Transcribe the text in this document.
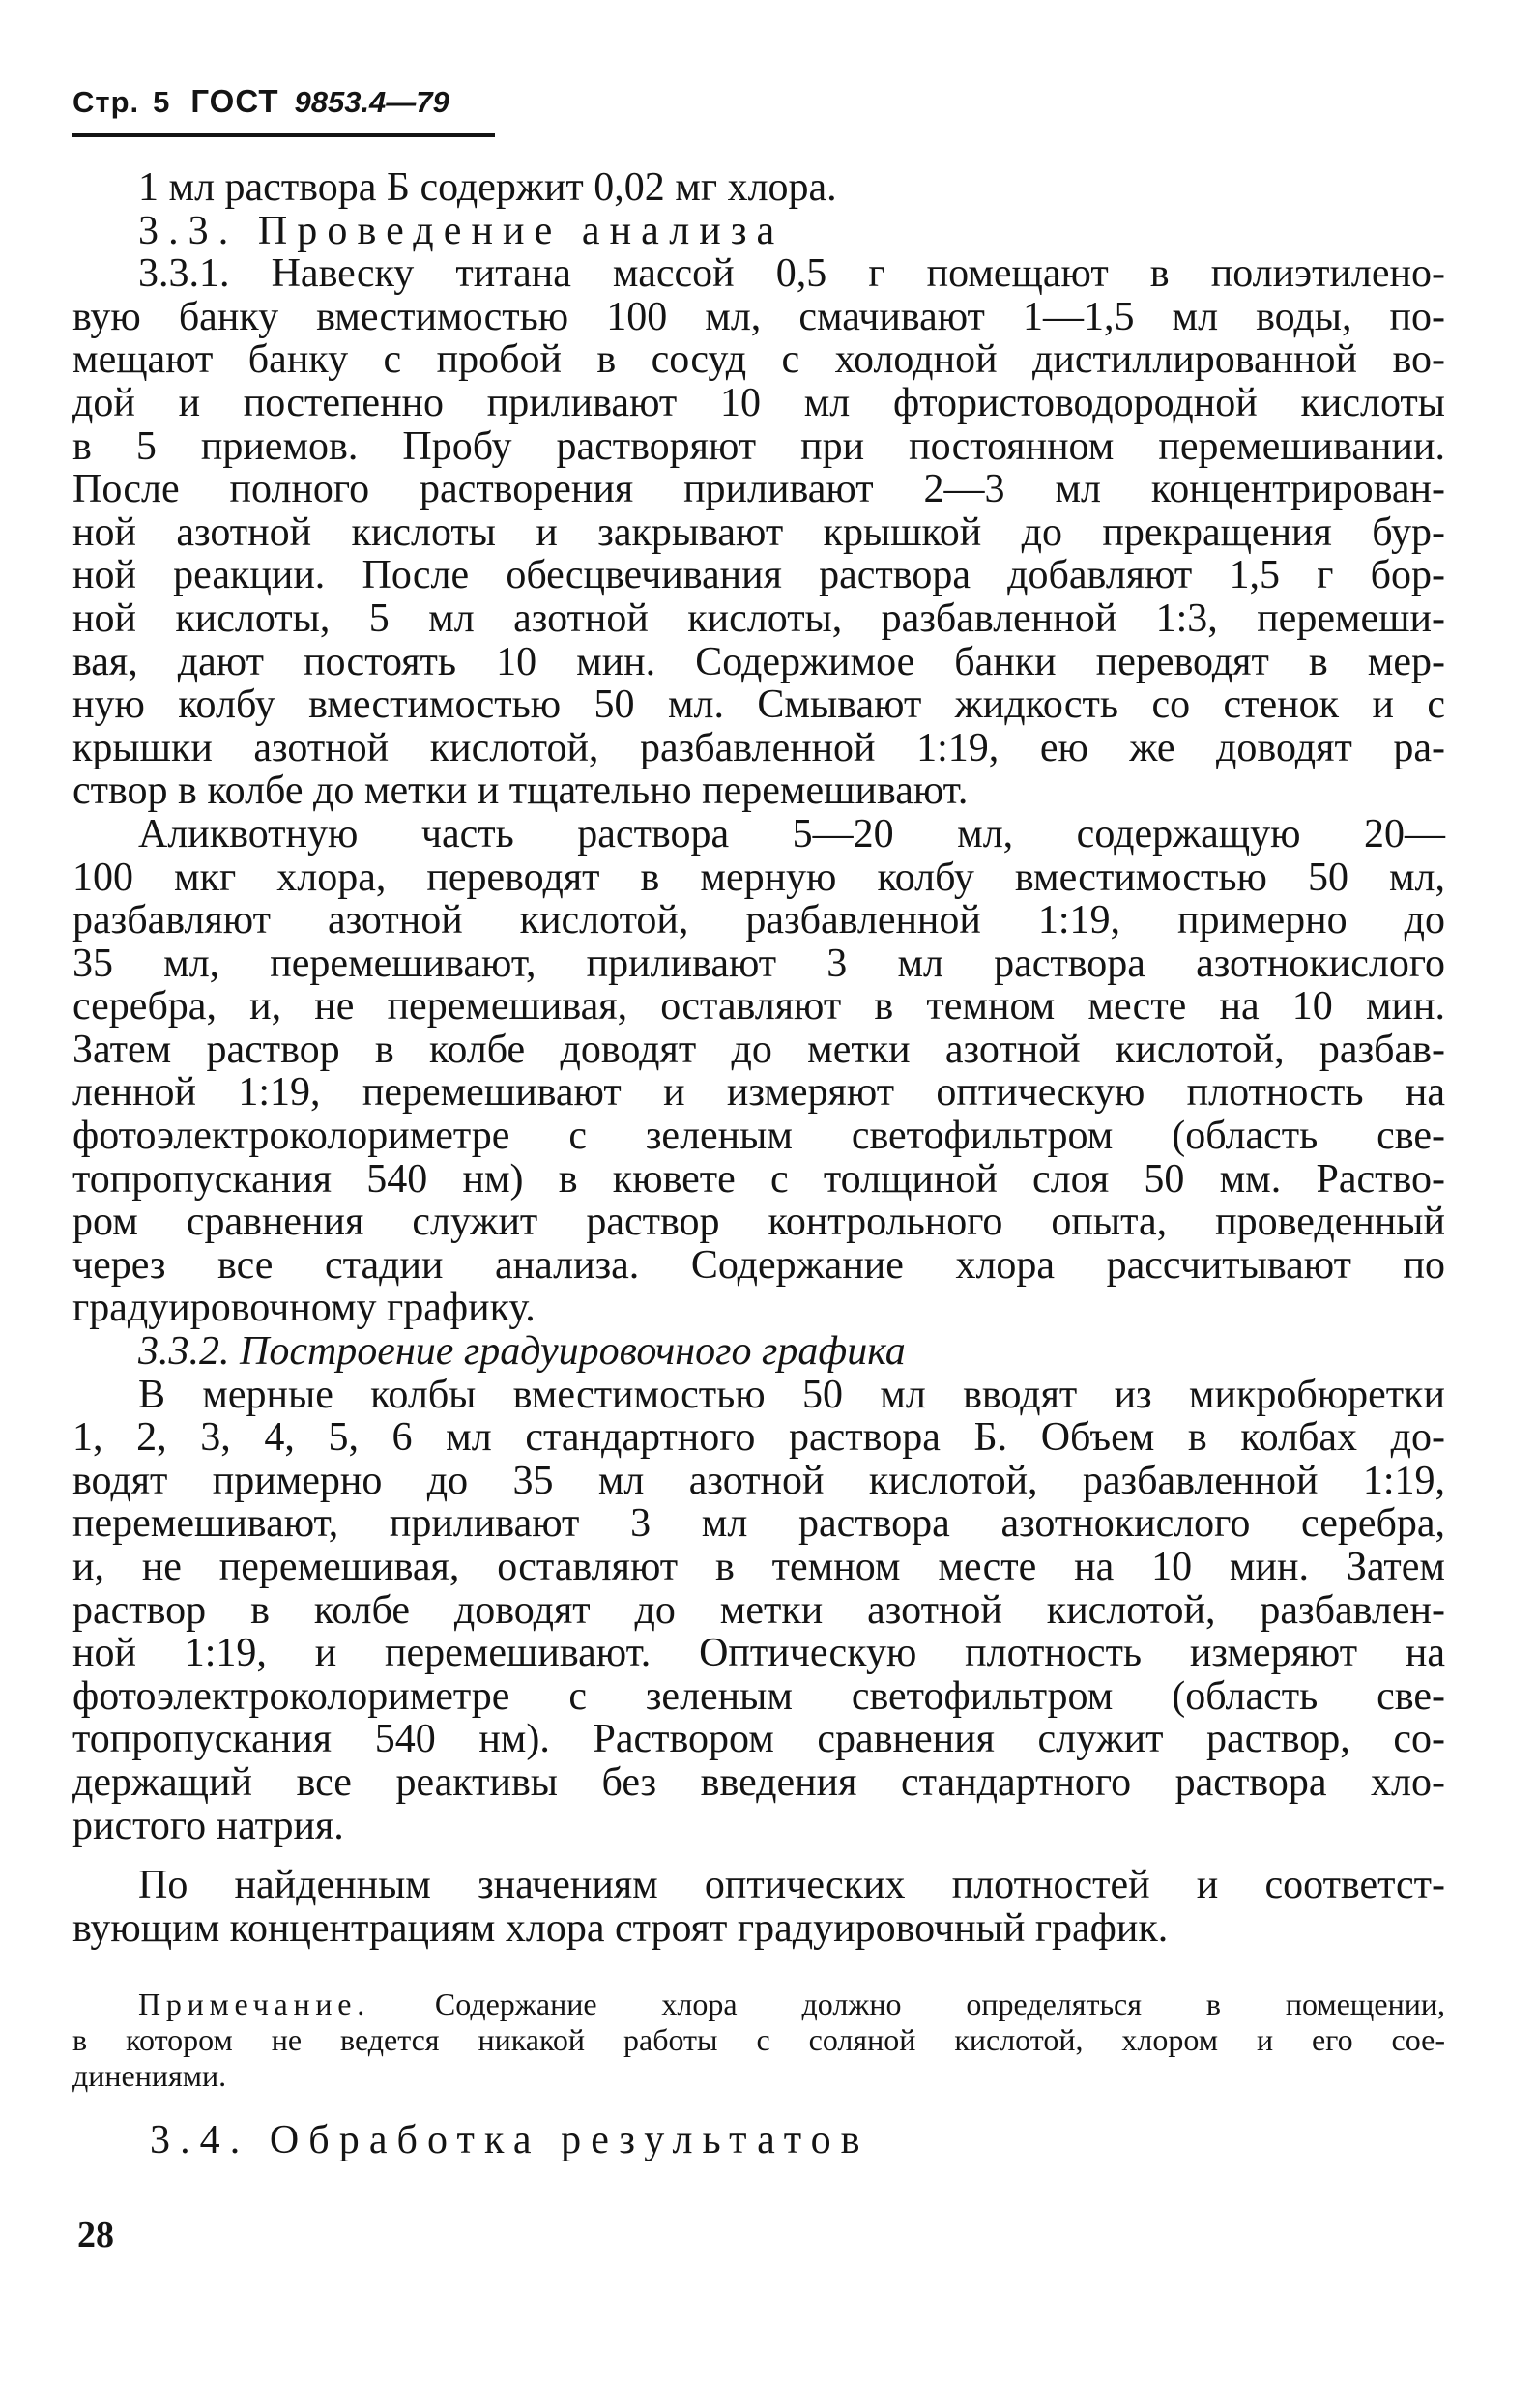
Стр. 5 ГОСТ 9853.4—79
1 мл раствора Б содержит 0,02 мг хлора.
3.3. Проведение анализа
3.3.1. Навеску титана массой 0,5 г помещают в полиэтилено-
вую банку вместимостью 100 мл, смачивают 1—1,5 мл воды, по-
мещают банку с пробой в сосуд с холодной дистиллированной во-
дой и постепенно приливают 10 мл фтористоводородной кислоты
в 5 приемов. Пробу растворяют при постоянном перемешивании.
После полного растворения приливают 2—3 мл концентрирован-
ной азотной кислоты и закрывают крышкой до прекращения бур-
ной реакции. После обесцвечивания раствора добавляют 1,5 г бор-
ной кислоты, 5 мл азотной кислоты, разбавленной 1:3, перемеши-
вая, дают постоять 10 мин. Содержимое банки переводят в мер-
ную колбу вместимостью 50 мл. Смывают жидкость со стенок и с
крышки азотной кислотой, разбавленной 1:19, ею же доводят ра-
створ в колбе до метки и тщательно перемешивают.
Аликвотную часть раствора 5—20 мл, содержащую 20—
100 мкг хлора, переводят в мерную колбу вместимостью 50 мл,
разбавляют азотной кислотой, разбавленной 1:19, примерно до
35 мл, перемешивают, приливают 3 мл раствора азотнокислого
серебра, и, не перемешивая, оставляют в темном месте на 10 мин.
Затем раствор в колбе доводят до метки азотной кислотой, разбав-
ленной 1:19, перемешивают и измеряют оптическую плотность на
фотоэлектроколориметре с зеленым светофильтром (область све-
топропускания 540 нм) в кювете с толщиной слоя 50 мм. Раство-
ром сравнения служит раствор контрольного опыта, проведенный
через все стадии анализа. Содержание хлора рассчитывают по
градуировочному графику.
3.3.2. Построение градуировочного графика
В мерные колбы вместимостью 50 мл вводят из микробюретки
1, 2, 3, 4, 5, 6 мл стандартного раствора Б. Объем в колбах до-
водят примерно до 35 мл азотной кислотой, разбавленной 1:19,
перемешивают, приливают 3 мл раствора азотнокислого серебра,
и, не перемешивая, оставляют в темном месте на 10 мин. Затем
раствор в колбе доводят до метки азотной кислотой, разбавлен-
ной 1:19, и перемешивают. Оптическую плотность измеряют на
фотоэлектроколориметре с зеленым светофильтром (область све-
топропускания 540 нм). Раствором сравнения служит раствор, со-
держащий все реактивы без введения стандартного раствора хло-
ристого натрия.
По найденным значениям оптических плотностей и соответст-
вующим концентрациям хлора строят градуировочный график.
Примечание. Содержание хлора должно определяться в помещении,
в котором не ведется никакой работы с соляной кислотой, хлором и его сое-
динениями.
3.4. Обработка результатов
28
